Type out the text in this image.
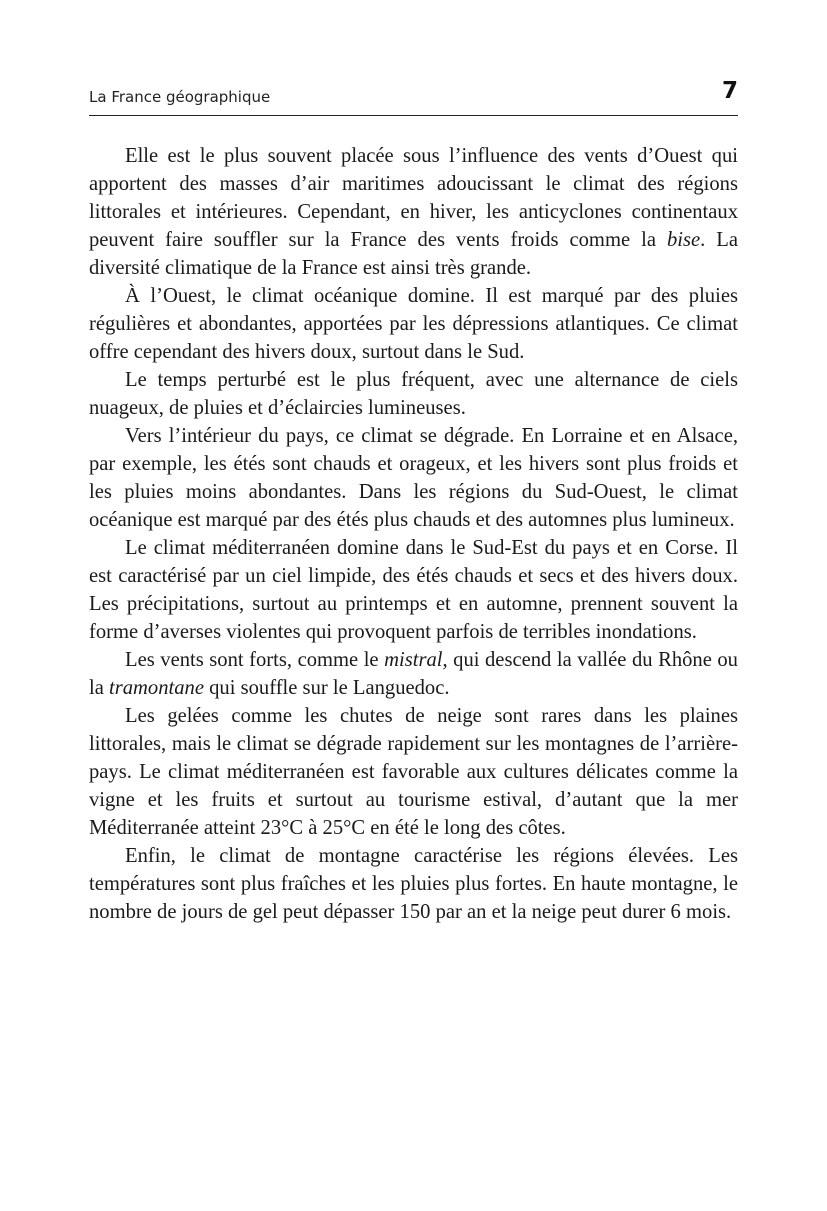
La France géographique	7

Elle est le plus souvent placée sous l’influence des vents d’Ouest qui apportent des masses d’air maritimes adoucissant le climat des régions littorales et intérieures. Cependant, en hiver, les anticyclones continentaux peuvent faire souffler sur la France des vents froids comme la bise. La diversité climatique de la France est ainsi très grande.

À l’Ouest, le climat océanique domine. Il est marqué par des pluies régulières et abondantes, apportées par les dépressions atlantiques. Ce climat offre cependant des hivers doux, surtout dans le Sud.

Le temps perturbé est le plus fréquent, avec une alternance de ciels nuageux, de pluies et d’éclaircies lumineuses.

Vers l’intérieur du pays, ce climat se dégrade. En Lorraine et en Alsace, par exemple, les étés sont chauds et orageux, et les hivers sont plus froids et les pluies moins abondantes. Dans les régions du Sud-Ouest, le climat océanique est marqué par des étés plus chauds et des automnes plus lumineux.

Le climat méditerranéen domine dans le Sud-Est du pays et en Corse. Il est caractérisé par un ciel limpide, des étés chauds et secs et des hivers doux. Les précipitations, surtout au printemps et en automne, prennent souvent la forme d’averses violentes qui provoquent parfois de terribles inondations.

Les vents sont forts, comme le mistral, qui descend la vallée du Rhône ou la tramontane qui souffle sur le Languedoc.

Les gelées comme les chutes de neige sont rares dans les plaines littorales, mais le climat se dégrade rapidement sur les montagnes de l’arrière-pays. Le climat méditerranéen est favorable aux cultures délicates comme la vigne et les fruits et surtout au tourisme estival, d’autant que la mer Méditerranée atteint 23°C à 25°C en été le long des côtes.

Enfin, le climat de montagne caractérise les régions élevées. Les températures sont plus fraîches et les pluies plus fortes. En haute montagne, le nombre de jours de gel peut dépasser 150 par an et la neige peut durer 6 mois.
